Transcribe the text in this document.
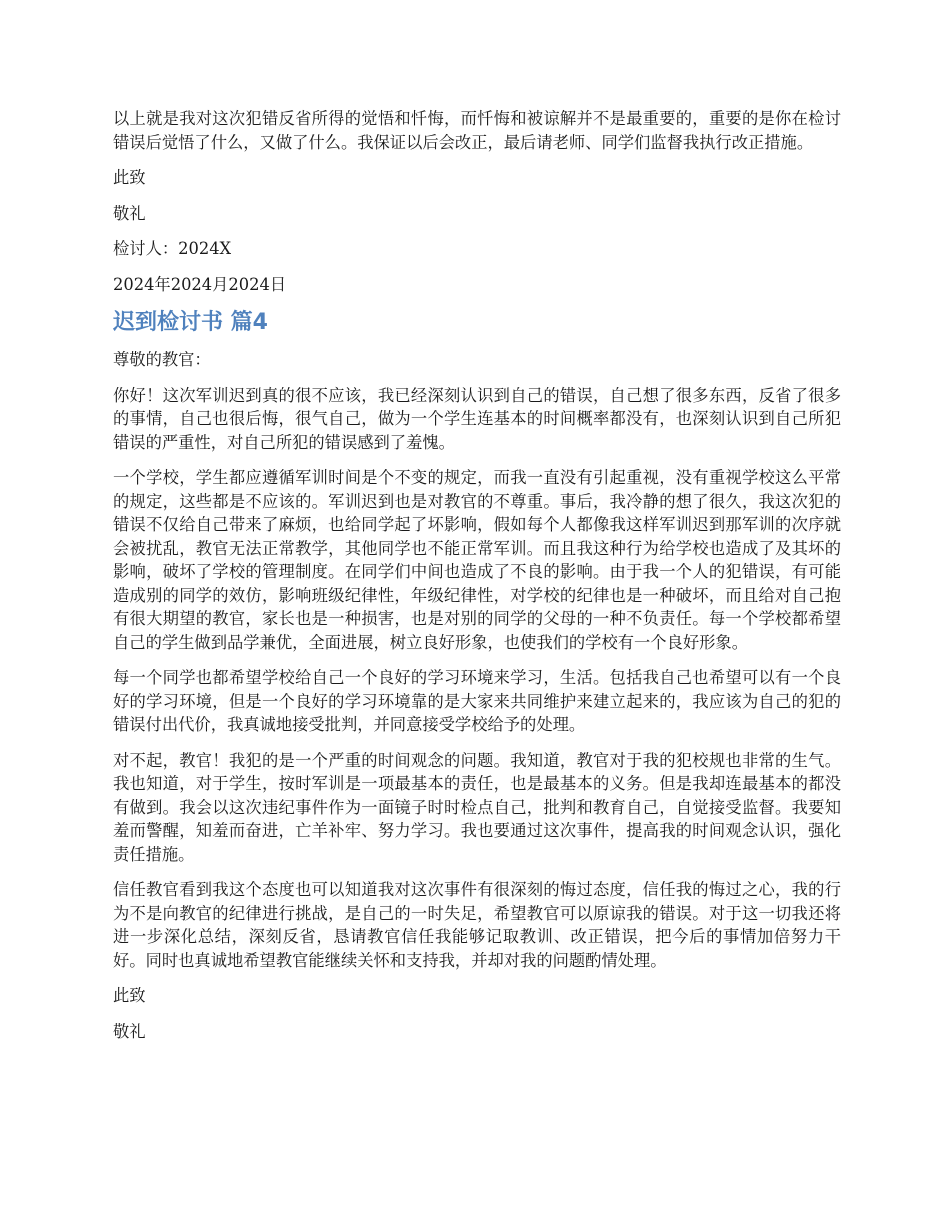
以上就是我对这次犯错反省所得的觉悟和忏悔，而忏悔和被谅解并不是最重要的，重要的是你在检讨错误后觉悟了什么，又做了什么。我保证以后会改正，最后请老师、同学们监督我执行改正措施。

此致

敬礼

检讨人：2024X

2024年2024月2024日

迟到检讨书 篇4

尊敬的教官：

你好！这次军训迟到真的很不应该，我已经深刻认识到自己的错误，自己想了很多东西，反省了很多的事情，自己也很后悔，很气自己，做为一个学生连基本的时间概率都没有，也深刻认识到自己所犯错误的严重性，对自己所犯的错误感到了羞愧。

一个学校，学生都应遵循军训时间是个不变的规定，而我一直没有引起重视，没有重视学校这么平常的规定，这些都是不应该的。军训迟到也是对教官的不尊重。事后，我冷静的想了很久，我这次犯的错误不仅给自己带来了麻烦，也给同学起了坏影响，假如每个人都像我这样军训迟到那军训的次序就会被扰乱，教官无法正常教学，其他同学也不能正常军训。而且我这种行为给学校也造成了及其坏的影响，破坏了学校的管理制度。在同学们中间也造成了不良的影响。由于我一个人的犯错误，有可能造成别的同学的效仿，影响班级纪律性，年级纪律性，对学校的纪律也是一种破坏，而且给对自己抱有很大期望的教官，家长也是一种损害，也是对别的同学的父母的一种不负责任。每一个学校都希望自己的学生做到品学兼优，全面进展，树立良好形象，也使我们的学校有一个良好形象。

每一个同学也都希望学校给自己一个良好的学习环境来学习，生活。包括我自己也希望可以有一个良好的学习环境，但是一个良好的学习环境靠的是大家来共同维护来建立起来的，我应该为自己的犯的错误付出代价，我真诚地接受批判，并同意接受学校给予的处理。

对不起，教官！我犯的是一个严重的时间观念的问题。我知道，教官对于我的犯校规也非常的生气。我也知道，对于学生，按时军训是一项最基本的责任，也是最基本的义务。但是我却连最基本的都没有做到。我会以这次违纪事件作为一面镜子时时检点自己，批判和教育自己，自觉接受监督。我要知羞而警醒，知羞而奋进，亡羊补牢、努力学习。我也要通过这次事件，提高我的时间观念认识，强化责任措施。

信任教官看到我这个态度也可以知道我对这次事件有很深刻的悔过态度，信任我的悔过之心，我的行为不是向教官的纪律进行挑战，是自己的一时失足，希望教官可以原谅我的错误。对于这一切我还将进一步深化总结，深刻反省，恳请教官信任我能够记取教训、改正错误，把今后的事情加倍努力干好。同时也真诚地希望教官能继续关怀和支持我，并却对我的问题酌情处理。

此致

敬礼
